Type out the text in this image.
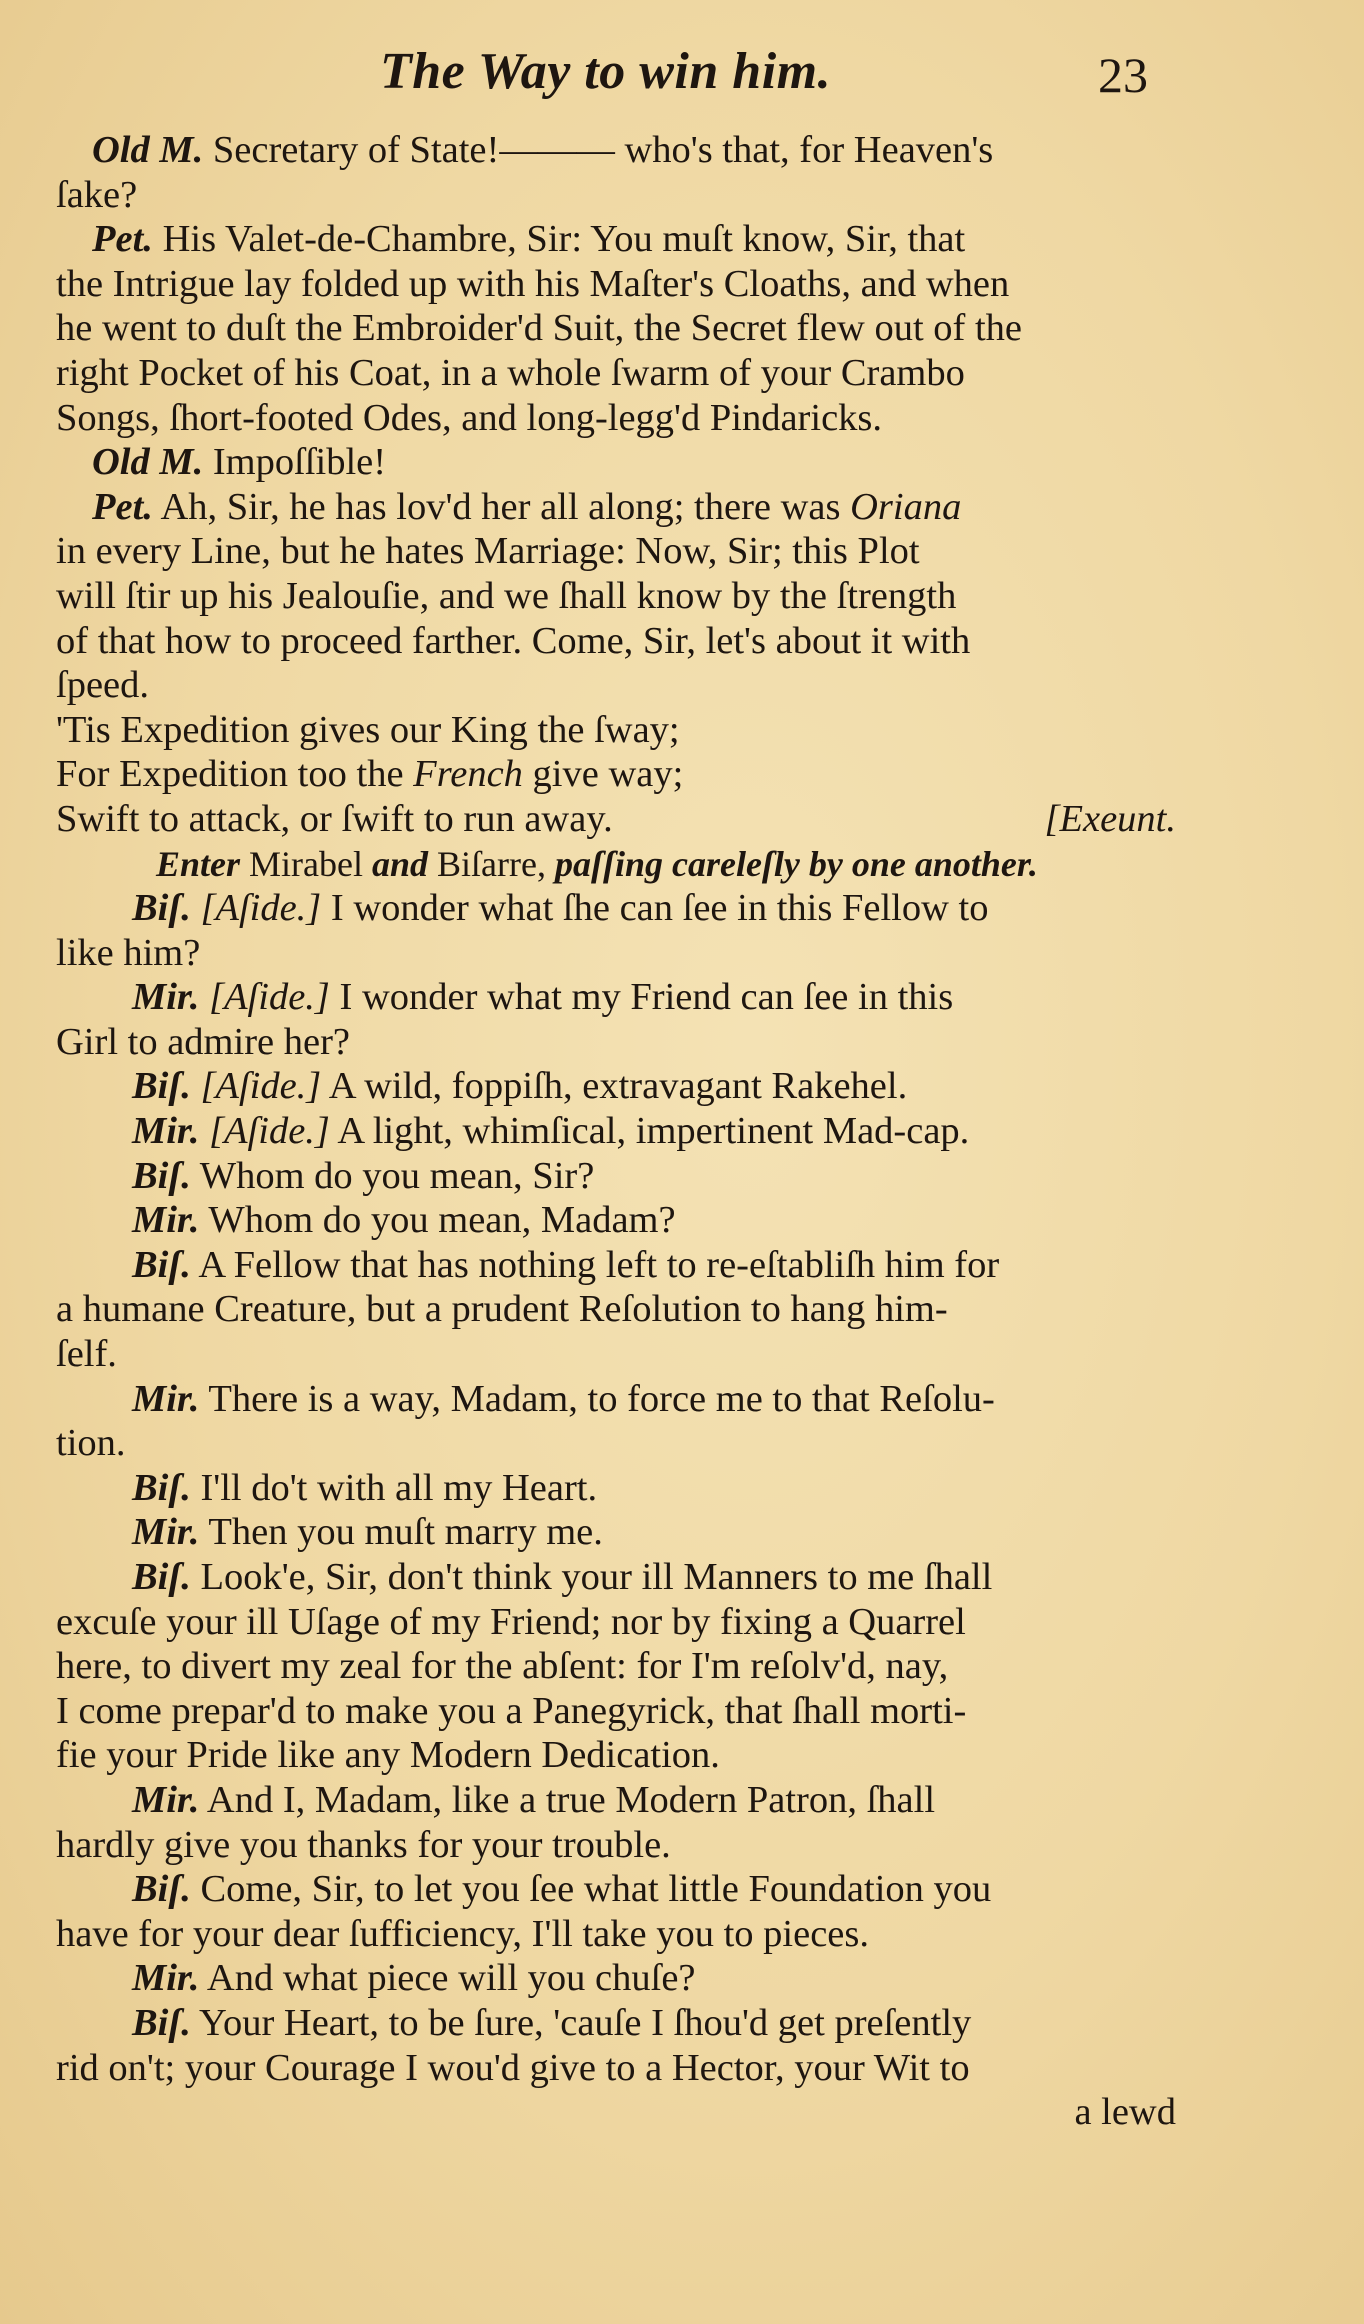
The Way to win him.	23
Old M. Secretary of State!——— who's that, for Heaven's
ſake?
Pet. His Valet-de-Chambre, Sir: You muſt know, Sir, that
the Intrigue lay folded up with his Maſter's Cloaths, and when
he went to duſt the Embroider'd Suit, the Secret flew out of the
right Pocket of his Coat, in a whole ſwarm of your Crambo
Songs, ſhort-footed Odes, and long-legg'd Pindaricks.
Old M. Impoſſible!
Pet. Ah, Sir, he has lov'd her all along; there was Oriana
in every Line, but he hates Marriage: Now, Sir; this Plot
will ſtir up his Jealouſie, and we ſhall know by the ſtrength
of that how to proceed farther. Come, Sir, let's about it with
ſpeed.
'Tis Expedition gives our King the ſway;
For Expedition too the French give way;
Swift to attack, or ſwift to run away.	[Exeunt.
Enter Mirabel and Biſarre, paſſing careleſly by one another.
Biſ. [Aſide.] I wonder what ſhe can ſee in this Fellow to
like him?
Mir. [Aſide.] I wonder what my Friend can ſee in this
Girl to admire her?
Biſ. [Aſide.] A wild, foppiſh, extravagant Rakehel.
Mir. [Aſide.] A light, whimſical, impertinent Mad-cap.
Biſ. Whom do you mean, Sir?
Mir. Whom do you mean, Madam?
Biſ. A Fellow that has nothing left to re-eſtabliſh him for
a humane Creature, but a prudent Reſolution to hang him-
ſelf.
Mir. There is a way, Madam, to force me to that Reſolu-
tion.
Biſ. I'll do't with all my Heart.
Mir. Then you muſt marry me.
Biſ. Look'e, Sir, don't think your ill Manners to me ſhall
excuſe your ill Uſage of my Friend; nor by fixing a Quarrel
here, to divert my zeal for the abſent: for I'm reſolv'd, nay,
I come prepar'd to make you a Panegyrick, that ſhall morti-
fie your Pride like any Modern Dedication.
Mir. And I, Madam, like a true Modern Patron, ſhall
hardly give you thanks for your trouble.
Biſ. Come, Sir, to let you ſee what little Foundation you
have for your dear ſufficiency, I'll take you to pieces.
Mir. And what piece will you chuſe?
Biſ. Your Heart, to be ſure, 'cauſe I ſhou'd get preſently
rid on't; your Courage I wou'd give to a Hector, your Wit to
a lewd
